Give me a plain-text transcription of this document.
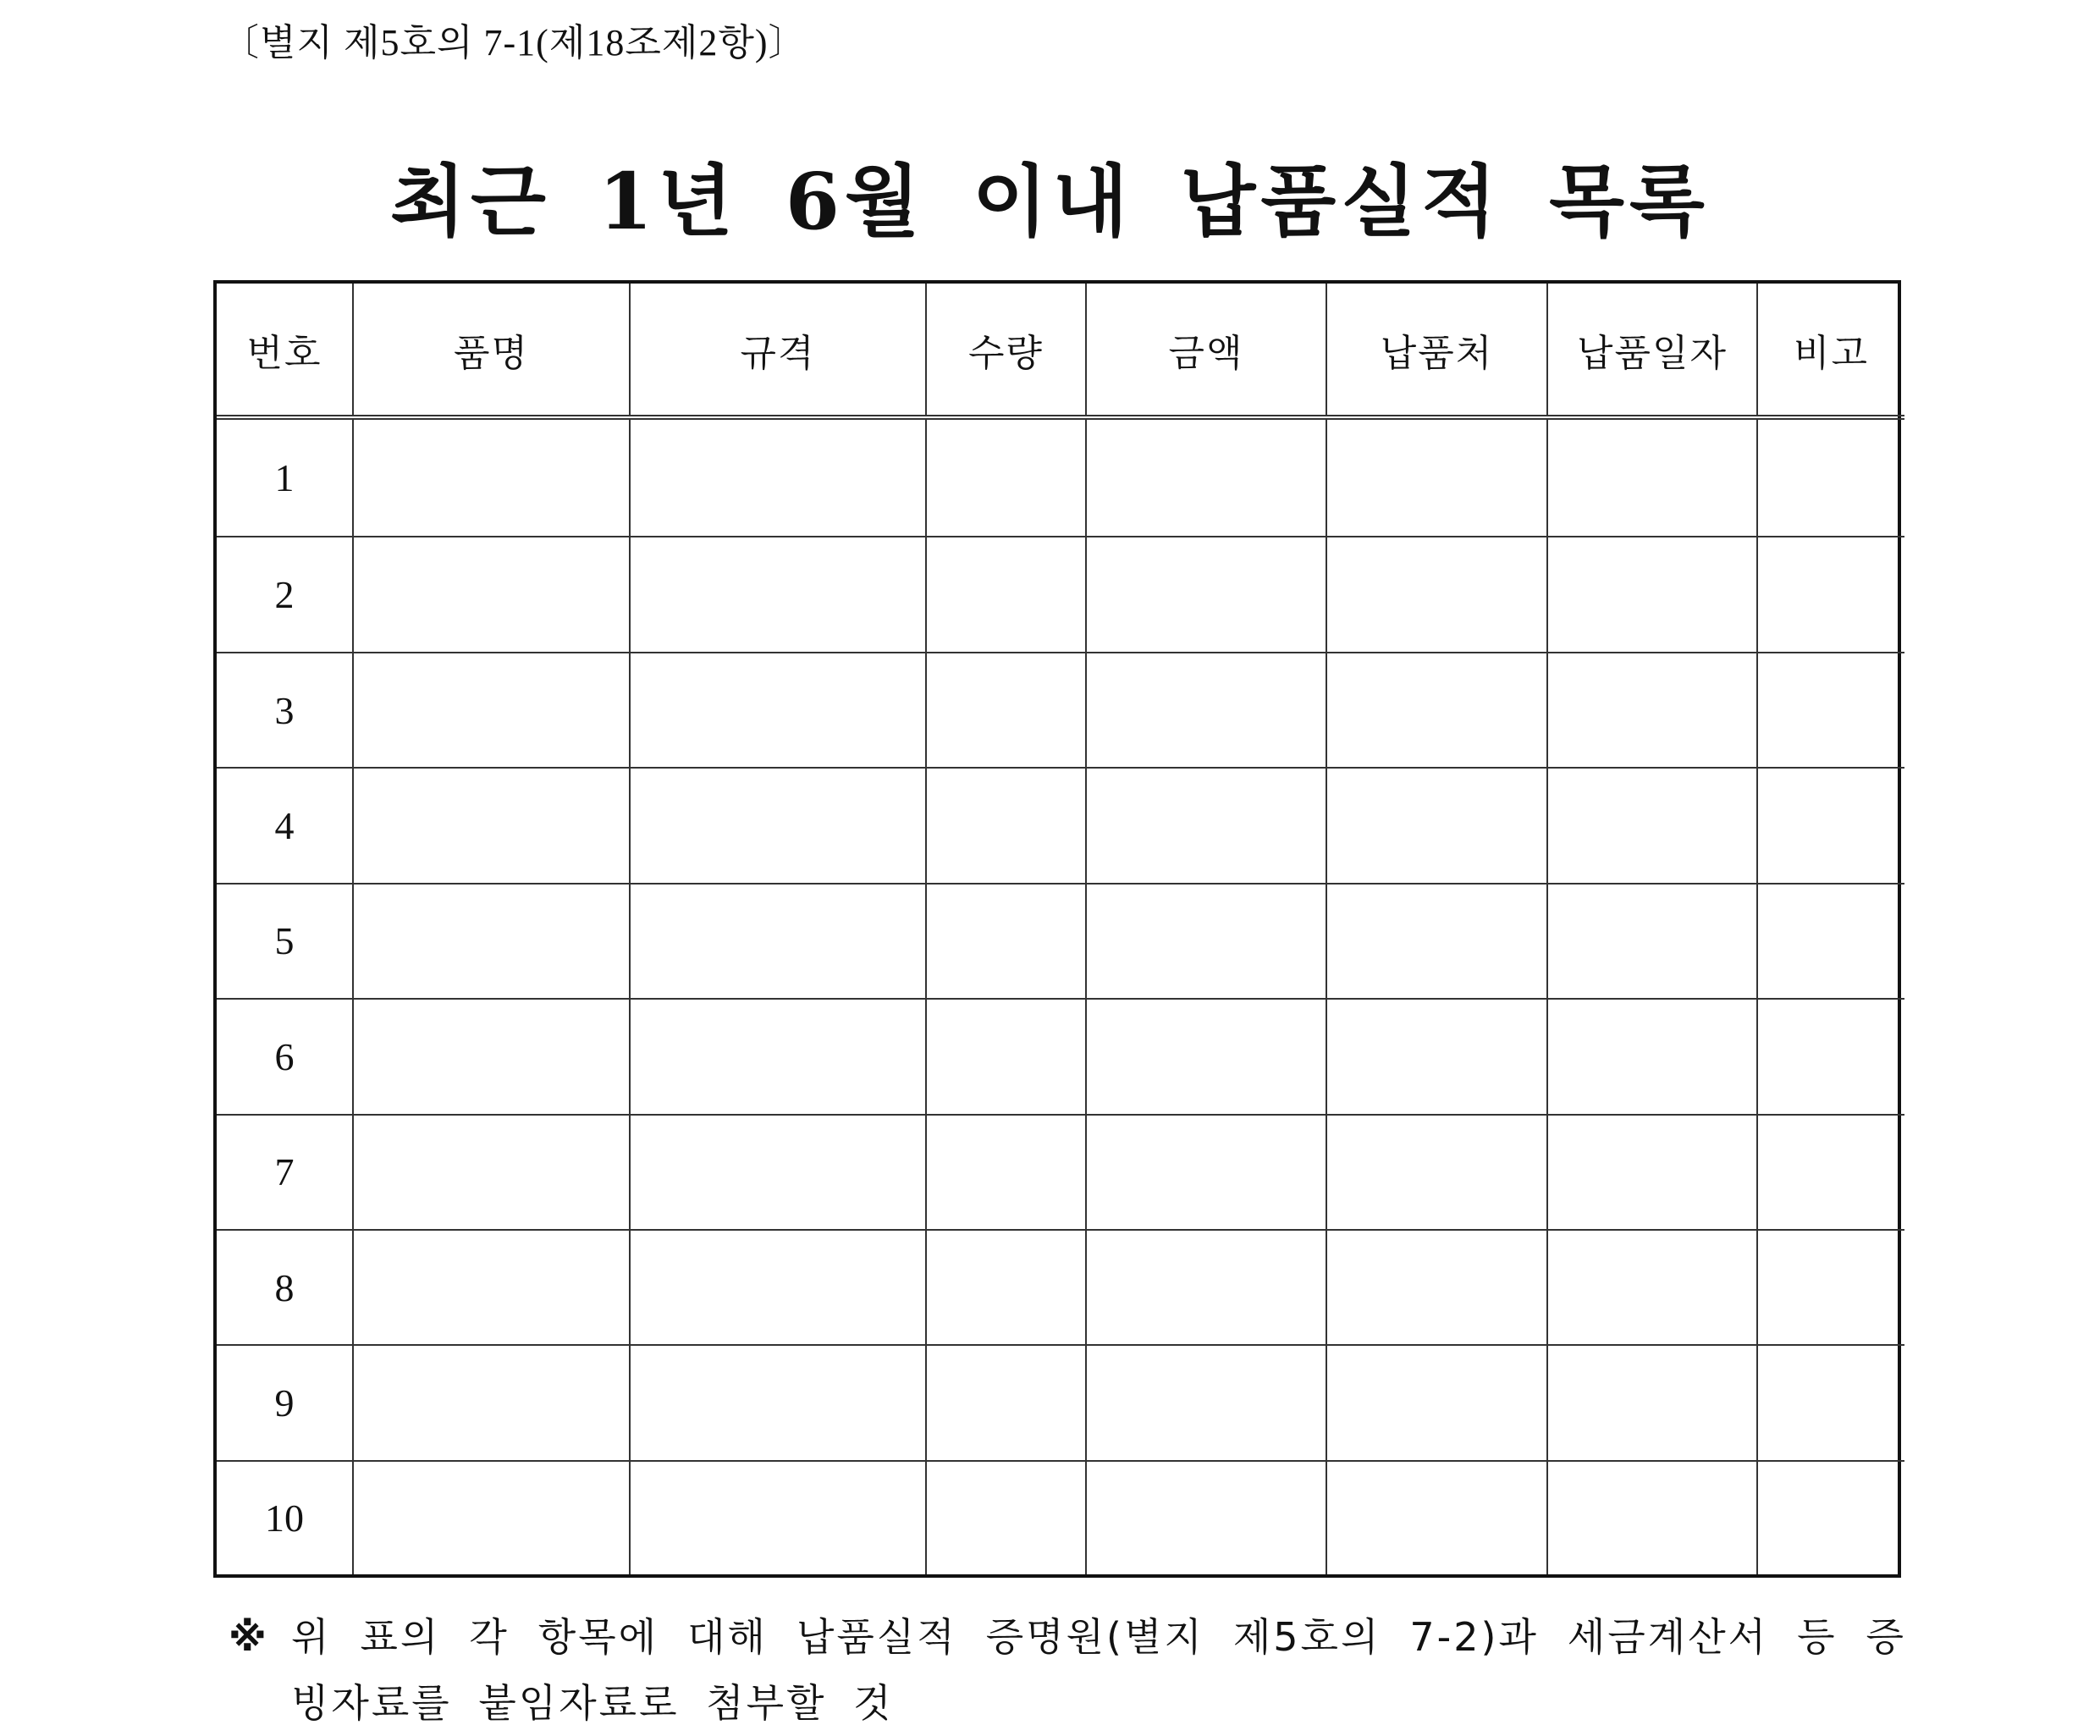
〔별지 제5호의 7-1(제18조제2항)〕
최근 1년 6월 이내 납품실적 목록
번호	품명	규격	수량	금액	납품처	납품일자	비고
1							
2							
3							
4							
5							
6							
7							
8							
9							
10							
※ 위 표의 각 항목에 대해 납품실적 증명원(별지 제5호의 7-2)과 세금계산서 등 증빙자료를 붙임자료로 첨부할 것
